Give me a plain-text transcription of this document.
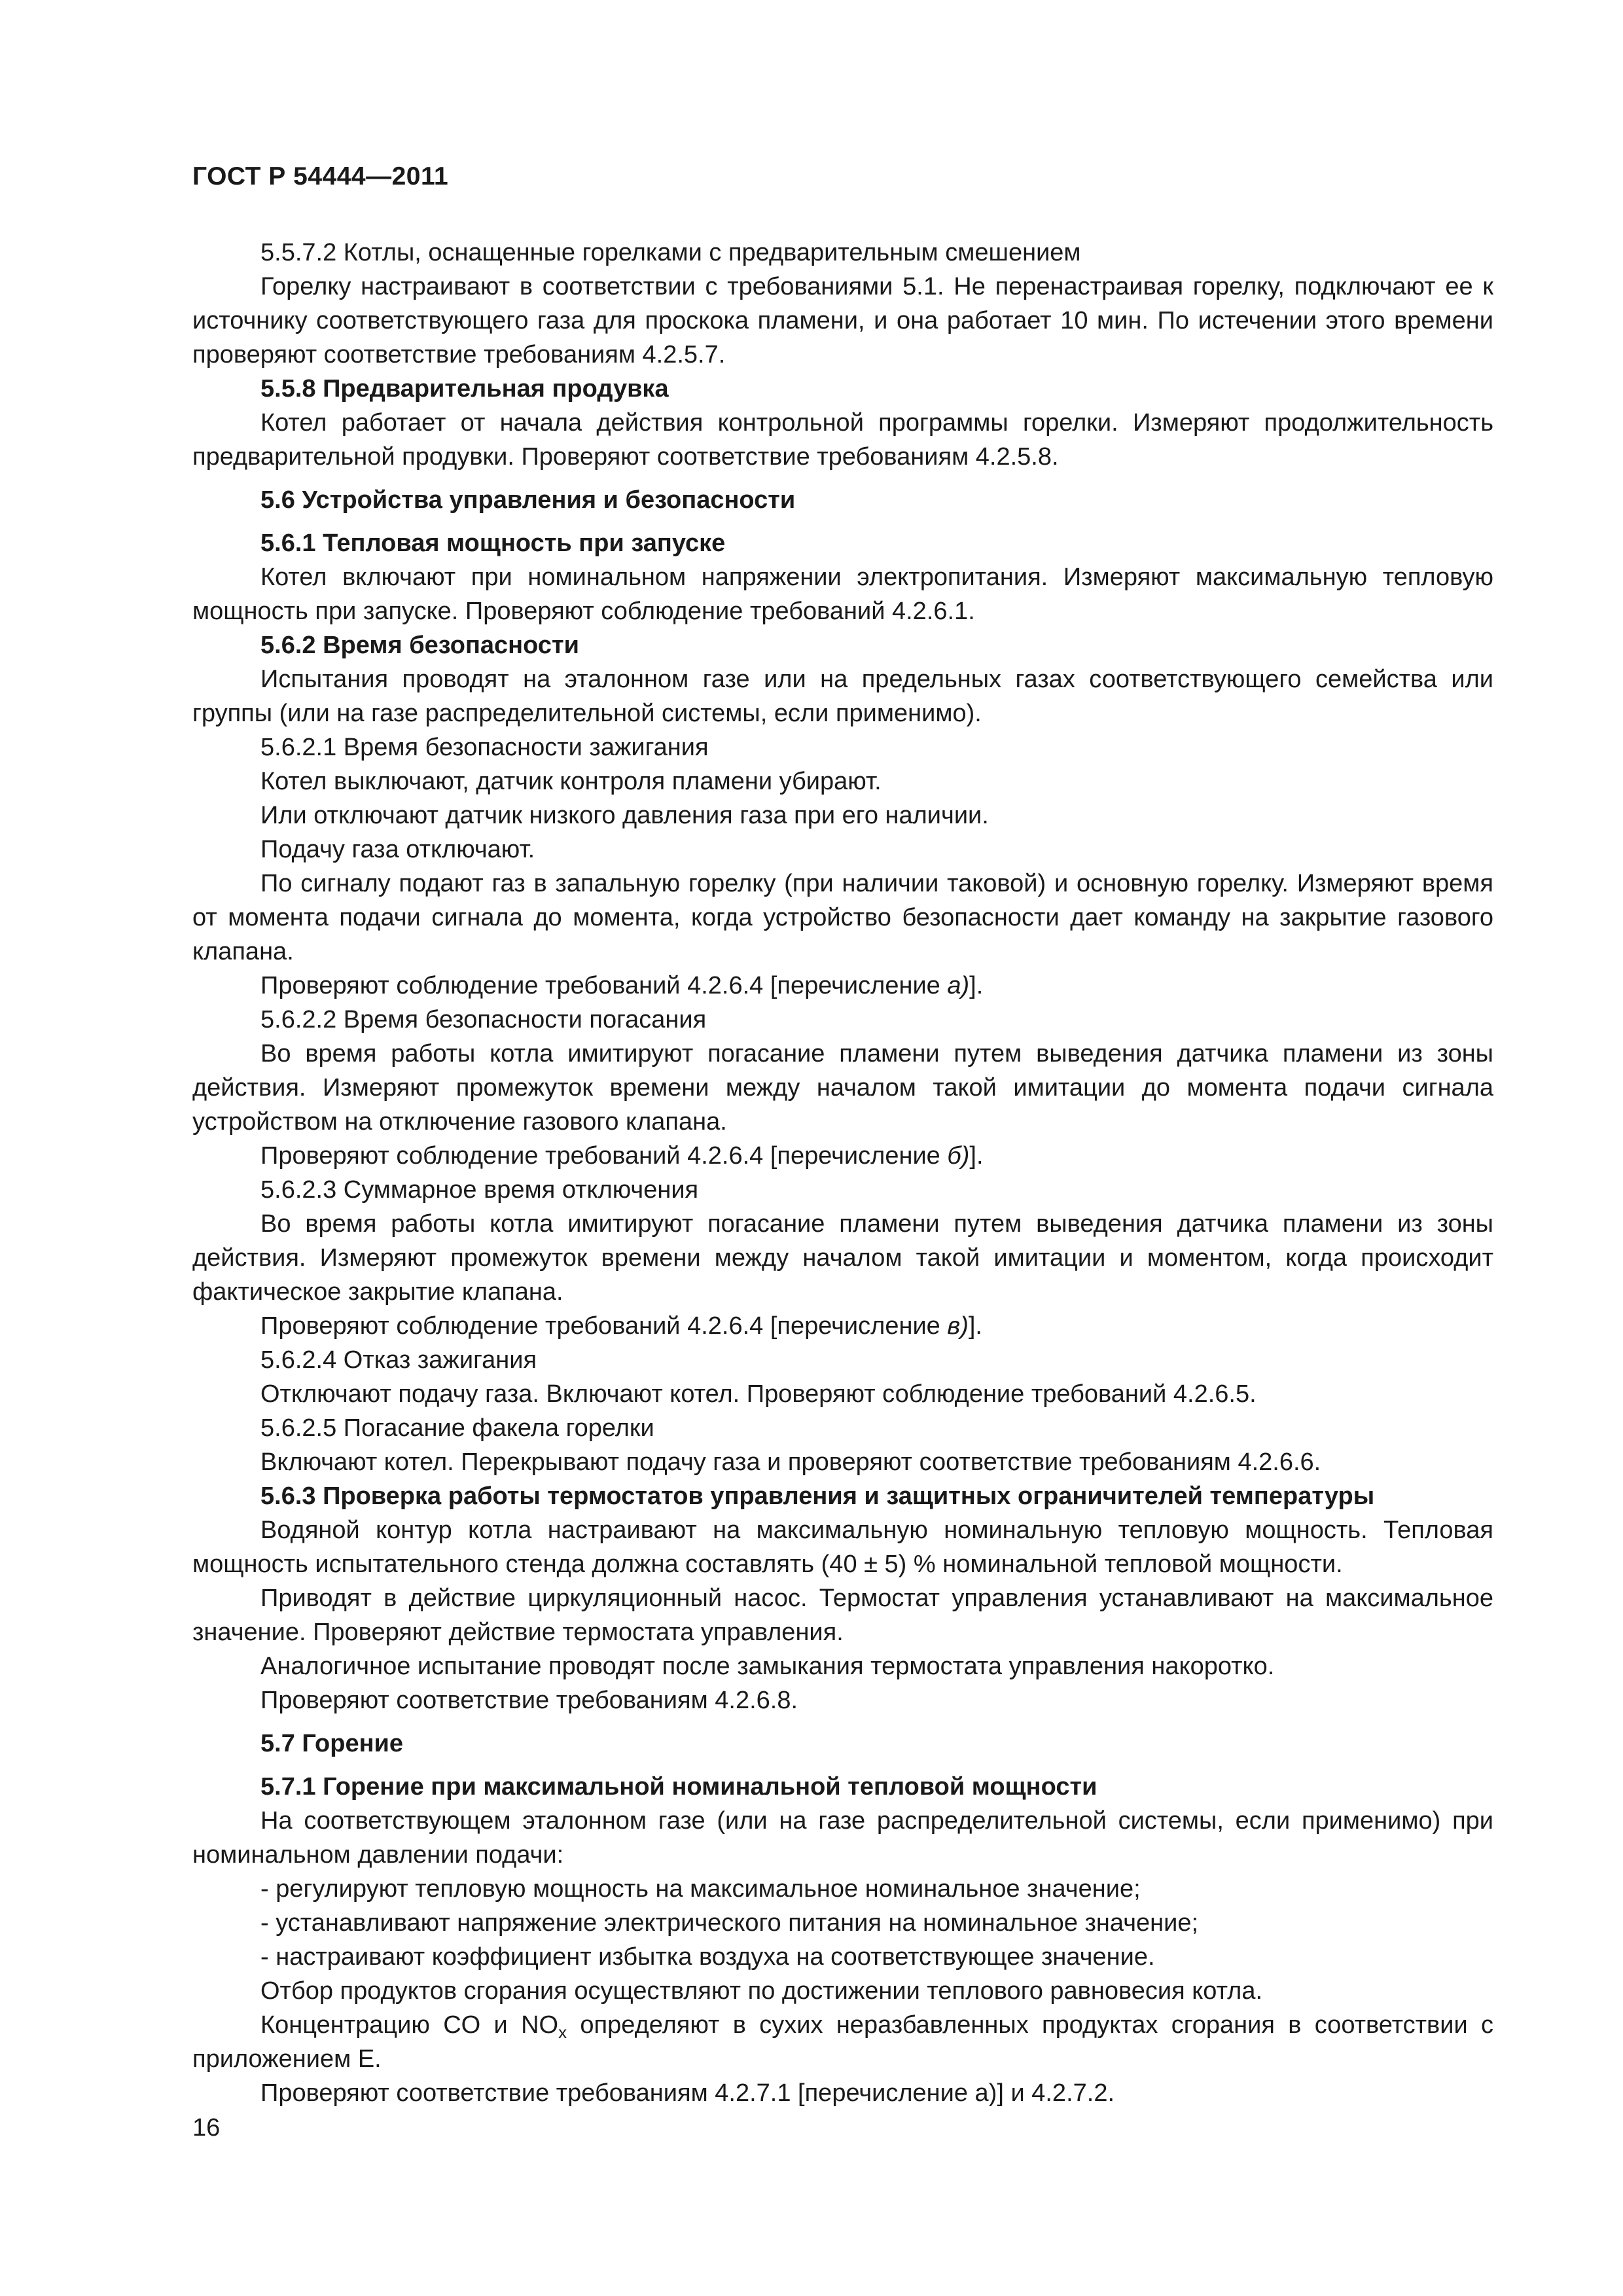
ГОСТ Р 54444—2011

5.5.7.2 Котлы, оснащенные горелками с предварительным смешением

Горелку настраивают в соответствии с требованиями 5.1. Не перенастраивая горелку, подключают ее к источнику соответствующего газа для проскока пламени, и она работает 10 мин. По истечении этого времени проверяют соответствие требованиям 4.2.5.7.

5.5.8 Предварительная продувка

Котел работает от начала действия контрольной программы горелки. Измеряют продолжительность предварительной продувки. Проверяют соответствие требованиям 4.2.5.8.

5.6 Устройства управления и безопасности

5.6.1 Тепловая мощность при запуске

Котел включают при номинальном напряжении электропитания. Измеряют максимальную тепловую мощность при запуске. Проверяют соблюдение требований 4.2.6.1.

5.6.2 Время безопасности

Испытания проводят на эталонном газе или на предельных газах соответствующего семейства или группы (или на газе распределительной системы, если применимо).

5.6.2.1 Время безопасности зажигания

Котел выключают, датчик контроля пламени убирают.

Или отключают датчик низкого давления газа при его наличии.

Подачу газа отключают.

По сигналу подают газ в запальную горелку (при наличии таковой) и основную горелку. Измеряют время от момента подачи сигнала до момента, когда устройство безопасности дает команду на закрытие газового клапана.

Проверяют соблюдение требований 4.2.6.4 [перечисление а)].

5.6.2.2 Время безопасности погасания

Во время работы котла имитируют погасание пламени путем выведения датчика пламени из зоны действия. Измеряют промежуток времени между началом такой имитации до момента подачи сигнала устройством на отключение газового клапана.

Проверяют соблюдение требований 4.2.6.4 [перечисление б)].

5.6.2.3 Суммарное время отключения

Во время работы котла имитируют погасание пламени путем выведения датчика пламени из зоны действия. Измеряют промежуток времени между началом такой имитации и моментом, когда происходит фактическое закрытие клапана.

Проверяют соблюдение требований 4.2.6.4 [перечисление в)].

5.6.2.4 Отказ зажигания

Отключают подачу газа. Включают котел. Проверяют соблюдение требований 4.2.6.5.

5.6.2.5 Погасание факела горелки

Включают котел. Перекрывают подачу газа и проверяют соответствие требованиям 4.2.6.6.

5.6.3 Проверка работы термостатов управления и защитных ограничителей температуры

Водяной контур котла настраивают на максимальную номинальную тепловую мощность. Тепловая мощность испытательного стенда должна составлять (40 ± 5) % номинальной тепловой мощности.

Приводят в действие циркуляционный насос. Термостат управления устанавливают на максимальное значение. Проверяют действие термостата управления.

Аналогичное испытание проводят после замыкания термостата управления накоротко.

Проверяют соответствие требованиям 4.2.6.8.

5.7 Горение

5.7.1 Горение при максимальной номинальной тепловой мощности

На соответствующем эталонном газе (или на газе распределительной системы, если применимо) при номинальном давлении подачи:

- регулируют тепловую мощность на максимальное номинальное значение;

- устанавливают напряжение электрического питания на номинальное значение;

- настраивают коэффициент избытка воздуха на соответствующее значение.

Отбор продуктов сгорания осуществляют по достижении теплового равновесия котла.

Концентрацию CO и $NO_x$ определяют в сухих неразбавленных продуктах сгорания в соответствии с приложением Е.

Проверяют соответствие требованиям 4.2.7.1 [перечисление а)] и 4.2.7.2.

16
